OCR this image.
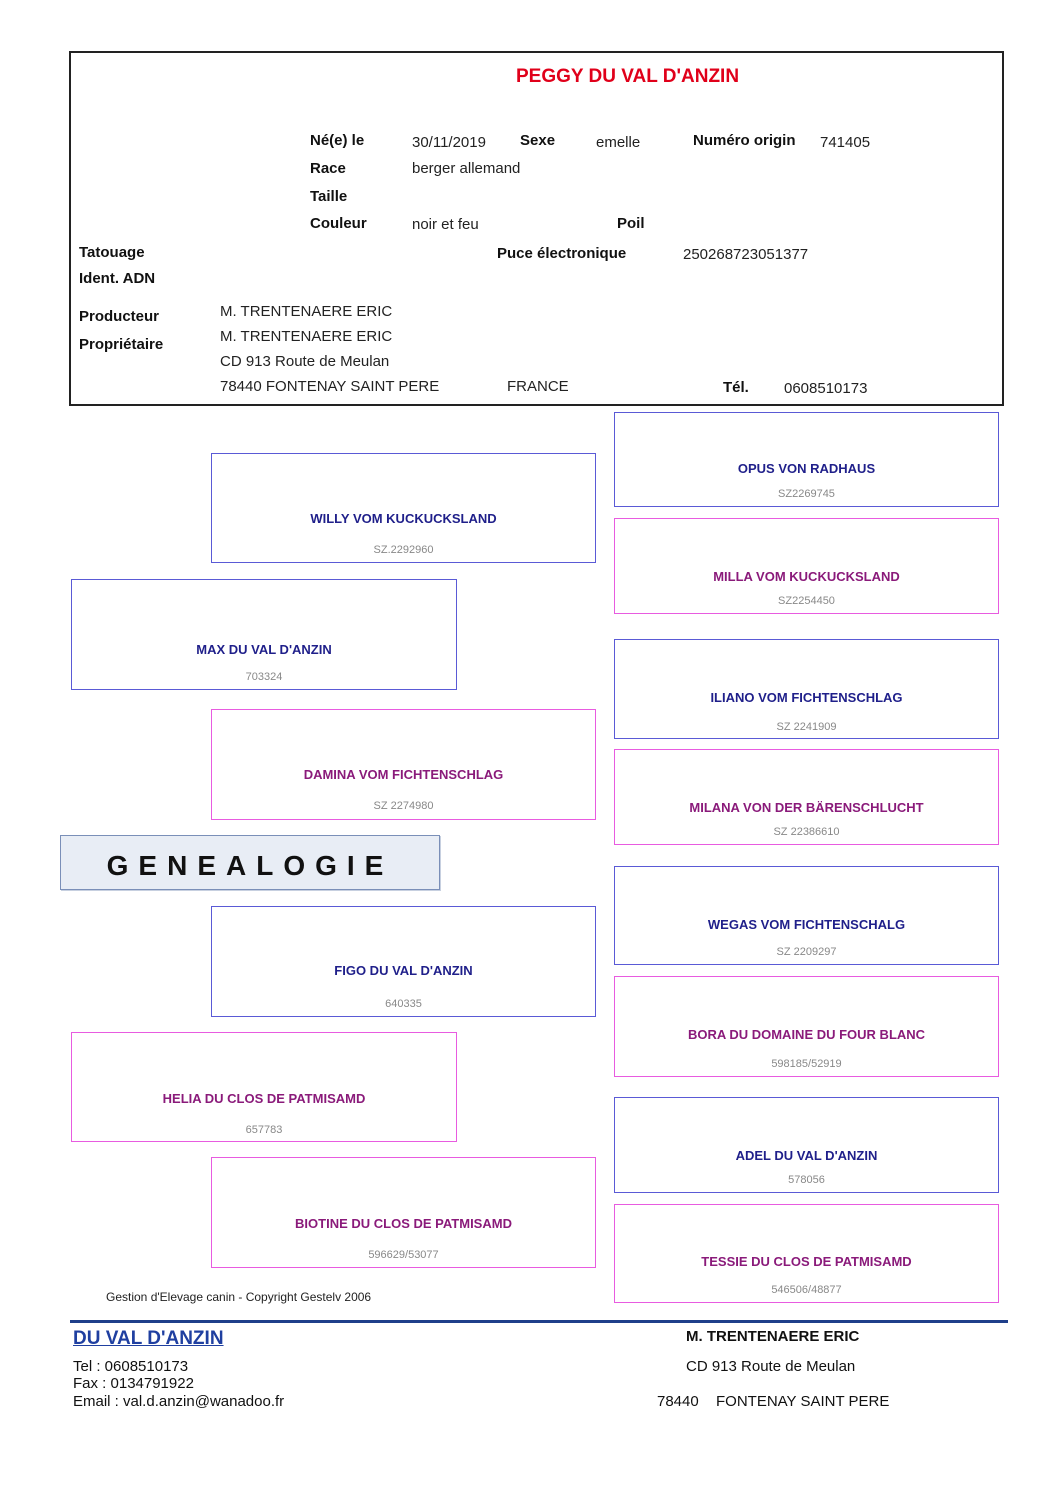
PEGGY DU VAL D'ANZIN
Né(e) le	30/11/2019 Sexe	emelle	Numéro origin 741405
Race	berger allemand
Taille
Couleur	noir et feu	Poil
Tatouage	Puce électronique	250268723051377
Ident. ADN
Producteur	M. TRENTENAERE ERIC
Propriétaire	M. TRENTENAERE ERIC
CD 913 Route de Meulan
78440 FONTENAY SAINT PERE	FRANCE	Tél. 0608510173
MAX DU VAL D'ANZIN
703324
HELIA DU CLOS DE PATMISAMD
657783
WILLY VOM KUCKUCKSLAND
SZ.2292960
DAMINA VOM FICHTENSCHLAG
SZ 2274980
FIGO DU VAL D'ANZIN
640335
BIOTINE DU CLOS DE PATMISAMD
596629/53077
OPUS VON RADHAUS
SZ2269745
MILLA VOM KUCKUCKSLAND
SZ2254450
ILIANO VOM FICHTENSCHLAG
SZ 2241909
MILANA VON DER BÄRENSCHLUCHT
SZ 22386610
WEGAS VOM FICHTENSCHALG
SZ 2209297
BORA DU DOMAINE DU FOUR BLANC
598185/52919
ADEL DU VAL D'ANZIN
578056
TESSIE DU CLOS DE PATMISAMD
546506/48877
GENEALOGIE
Gestion d'Elevage canin - Copyright Gestelv 2006
DU VAL D'ANZIN
Tel : 0608510173
Fax : 0134791922
Email : val.d.anzin@wanadoo.fr
M. TRENTENAERE ERIC
CD 913 Route de Meulan
78440 FONTENAY SAINT PERE
